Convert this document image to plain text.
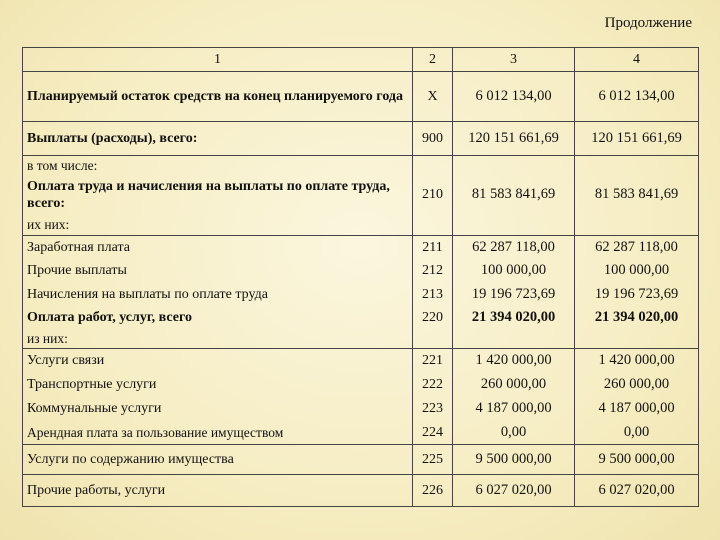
Продолжение
1	2	3	4
Планируемый остаток средств на конец планируемого года	X	6 012 134,00	6 012 134,00
Выплаты (расходы), всего:	900	120 151 661,69	120 151 661,69
в том числе:			
Оплата труда и начисления на выплаты по оплате труда, всего:	210	81 583 841,69	81 583 841,69
их них:			
Заработная плата	211	62 287 118,00	62 287 118,00
Прочие выплаты	212	100 000,00	100 000,00
Начисления на выплаты по оплате труда	213	19 196 723,69	19 196 723,69
Оплата работ, услуг, всего	220	21 394 020,00	21 394 020,00
из них:			
Услуги связи	221	1 420 000,00	1 420 000,00
Транспортные услуги	222	260 000,00	260 000,00
Коммунальные услуги	223	4 187 000,00	4 187 000,00
Арендная плата за пользование имуществом	224	0,00	0,00
Услуги по содержанию имущества	225	9 500 000,00	9 500 000,00
Прочие работы, услуги	226	6 027 020,00	6 027 020,00
